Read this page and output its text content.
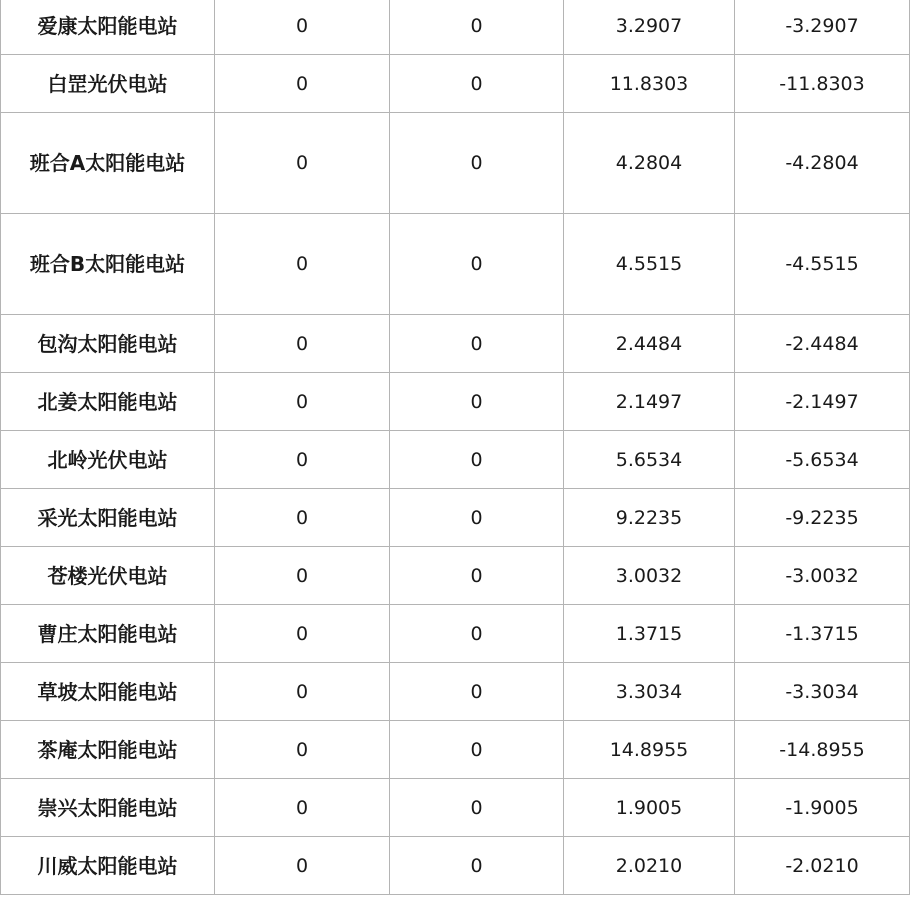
爱康太阳能电站	0	0	3.2907	-3.2907
白罡光伏电站	0	0	11.8303	-11.8303
班合A太阳能电站	0	0	4.2804	-4.2804
班合B太阳能电站	0	0	4.5515	-4.5515
包沟太阳能电站	0	0	2.4484	-2.4484
北姜太阳能电站	0	0	2.1497	-2.1497
北岭光伏电站	0	0	5.6534	-5.6534
采光太阳能电站	0	0	9.2235	-9.2235
苍楼光伏电站	0	0	3.0032	-3.0032
曹庄太阳能电站	0	0	1.3715	-1.3715
草坡太阳能电站	0	0	3.3034	-3.3034
茶庵太阳能电站	0	0	14.8955	-14.8955
崇兴太阳能电站	0	0	1.9005	-1.9005
川威太阳能电站	0	0	2.0210	-2.0210
